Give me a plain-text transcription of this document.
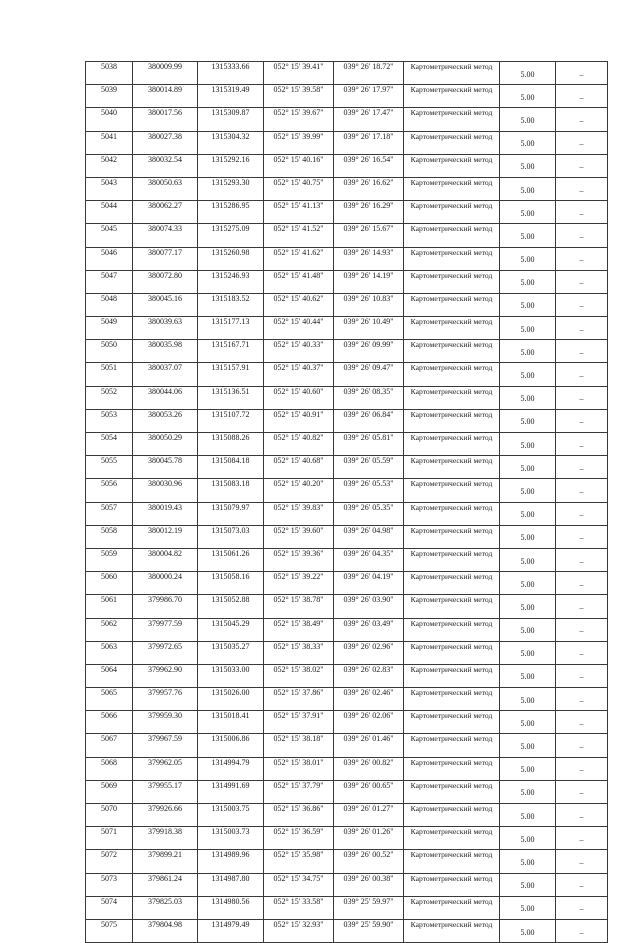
5038	380009.99	1315333.66	052° 15' 39.41"	039° 26' 18.72"	Картометрический метод	5.00	–
5039	380014.89	1315319.49	052° 15' 39.58"	039° 26' 17.97"	Картометрический метод	5.00	–
5040	380017.56	1315309.87	052° 15' 39.67"	039° 26' 17.47"	Картометрический метод	5.00	–
5041	380027.38	1315304.32	052° 15' 39.99"	039° 26' 17.18"	Картометрический метод	5.00	–
5042	380032.54	1315292.16	052° 15' 40.16"	039° 26' 16.54"	Картометрический метод	5.00	–
5043	380050.63	1315293.30	052° 15' 40.75"	039° 26' 16.62"	Картометрический метод	5.00	–
5044	380062.27	1315286.95	052° 15' 41.13"	039° 26' 16.29"	Картометрический метод	5.00	–
5045	380074.33	1315275.09	052° 15' 41.52"	039° 26' 15.67"	Картометрический метод	5.00	–
5046	380077.17	1315260.98	052° 15' 41.62"	039° 26' 14.93"	Картометрический метод	5.00	–
5047	380072.80	1315246.93	052° 15' 41.48"	039° 26' 14.19"	Картометрический метод	5.00	–
5048	380045.16	1315183.52	052° 15' 40.62"	039° 26' 10.83"	Картометрический метод	5.00	–
5049	380039.63	1315177.13	052° 15' 40.44"	039° 26' 10.49"	Картометрический метод	5.00	–
5050	380035.98	1315167.71	052° 15' 40.33"	039° 26' 09.99"	Картометрический метод	5.00	–
5051	380037.07	1315157.91	052° 15' 40.37"	039° 26' 09.47"	Картометрический метод	5.00	–
5052	380044.06	1315136.51	052° 15' 40.60"	039° 26' 08.35"	Картометрический метод	5.00	–
5053	380053.26	1315107.72	052° 15' 40.91"	039° 26' 06.84"	Картометрический метод	5.00	–
5054	380050.29	1315088.26	052° 15' 40.82"	039° 26' 05.81"	Картометрический метод	5.00	–
5055	380045.78	1315084.18	052° 15' 40.68"	039° 26' 05.59"	Картометрический метод	5.00	–
5056	380030.96	1315083.18	052° 15' 40.20"	039° 26' 05.53"	Картометрический метод	5.00	–
5057	380019.43	1315079.97	052° 15' 39.83"	039° 26' 05.35"	Картометрический метод	5.00	–
5058	380012.19	1315073.03	052° 15' 39.60"	039° 26' 04.98"	Картометрический метод	5.00	–
5059	380004.82	1315061.26	052° 15' 39.36"	039° 26' 04.35"	Картометрический метод	5.00	–
5060	380000.24	1315058.16	052° 15' 39.22"	039° 26' 04.19"	Картометрический метод	5.00	–
5061	379986.70	1315052.88	052° 15' 38.78"	039° 26' 03.90"	Картометрический метод	5.00	–
5062	379977.59	1315045.29	052° 15' 38.49"	039° 26' 03.49"	Картометрический метод	5.00	–
5063	379972.65	1315035.27	052° 15' 38.33"	039° 26' 02.96"	Картометрический метод	5.00	–
5064	379962.90	1315033.00	052° 15' 38.02"	039° 26' 02.83"	Картометрический метод	5.00	–
5065	379957.76	1315026.00	052° 15' 37.86"	039° 26' 02.46"	Картометрический метод	5.00	–
5066	379959.30	1315018.41	052° 15' 37.91"	039° 26' 02.06"	Картометрический метод	5.00	–
5067	379967.59	1315006.86	052° 15' 38.18"	039° 26' 01.46"	Картометрический метод	5.00	–
5068	379962.05	1314994.79	052° 15' 38.01"	039° 26' 00.82"	Картометрический метод	5.00	–
5069	379955.17	1314991.69	052° 15' 37.79"	039° 26' 00.65"	Картометрический метод	5.00	–
5070	379926.66	1315003.75	052° 15' 36.86"	039° 26' 01.27"	Картометрический метод	5.00	–
5071	379918.38	1315003.73	052° 15' 36.59"	039° 26' 01.26"	Картометрический метод	5.00	–
5072	379899.21	1314989.96	052° 15' 35.98"	039° 26' 00.52"	Картометрический метод	5.00	–
5073	379861.24	1314987.80	052° 15' 34.75"	039° 26' 00.38"	Картометрический метод	5.00	–
5074	379825.03	1314980.56	052° 15' 33.58"	039° 25' 59.97"	Картометрический метод	5.00	–
5075	379804.98	1314979.49	052° 15' 32.93"	039° 25' 59.90"	Картометрический метод	5.00	–
